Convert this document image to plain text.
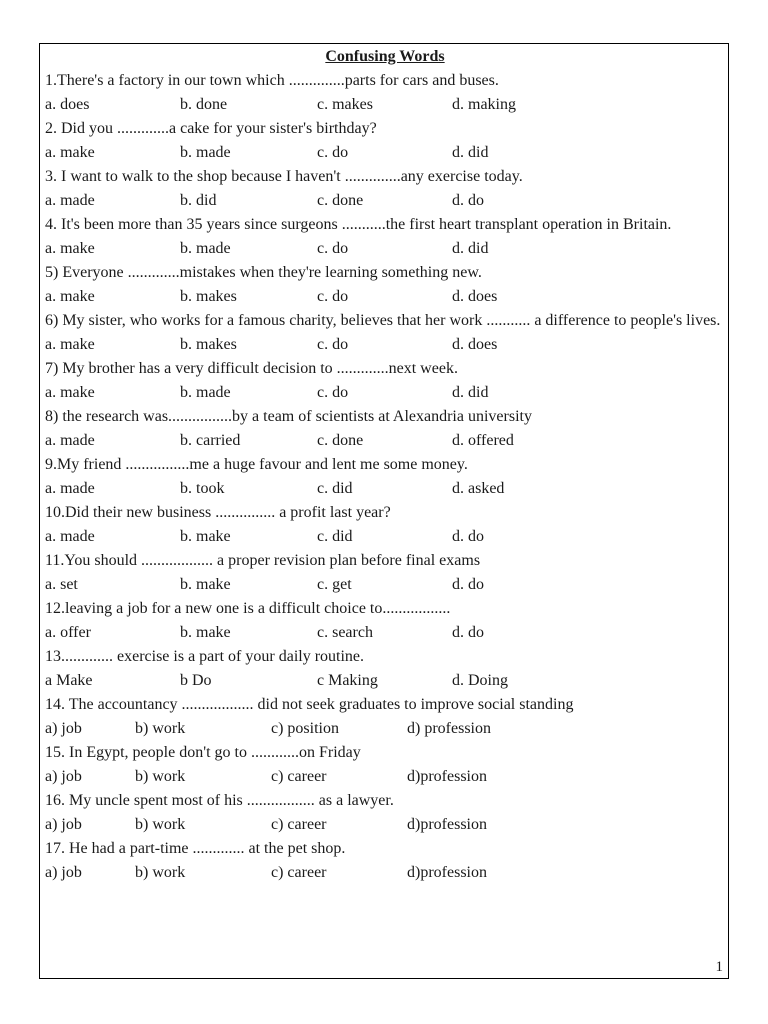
Confusing Words
1.There's a factory in our town which ..............parts for cars and buses.
a. does	b. done	c. makes	d. making
2. Did you .............a cake for your sister's birthday?
a. make	b. made	c. do	d. did
3. I want to walk to the shop because I haven't ..............any exercise today.
a. made	b. did	c. done	d. do
4. It's been more than 35 years since surgeons ...........the first heart transplant operation in Britain.
a. make	b. made	c. do	d. did
5) Everyone .............mistakes when they're learning something new.
a. make	b. makes	c. do	d. does
6) My sister, who works for a famous charity, believes that her work ........... a difference to people's lives.
a. make	b. makes	c. do	d. does
7) My brother has a very difficult decision to .............next week.
a. make	b. made	c. do	d. did
8) the research was................by a team of scientists at Alexandria university
a. made	b. carried	c. done	d. offered
9.My friend ................me a huge favour and lent me some money.
a. made	b. took	c. did	d. asked
10.Did their new business ............... a profit last year?
a. made	b. make	c. did	d. do
11.You should .................. a proper revision plan before final exams
a. set	b. make	c. get	d. do
12.leaving a job for a new one is a difficult choice to.................
a. offer	b. make	c. search	d. do
13............. exercise is a part of your daily routine.
a Make	b Do	c Making	d. Doing
14. The accountancy .................. did not seek graduates to improve social standing
a) job	b) work	c) position	d) profession
15. In Egypt, people don't go to ............on Friday
a) job	b) work	c) career	d)profession
16. My uncle spent most of his ................. as a lawyer.
a) job	b) work	c) career	d)profession
17. He had a part-time ............. at the pet shop.
a) job	b) work	c) career	d)profession
1
